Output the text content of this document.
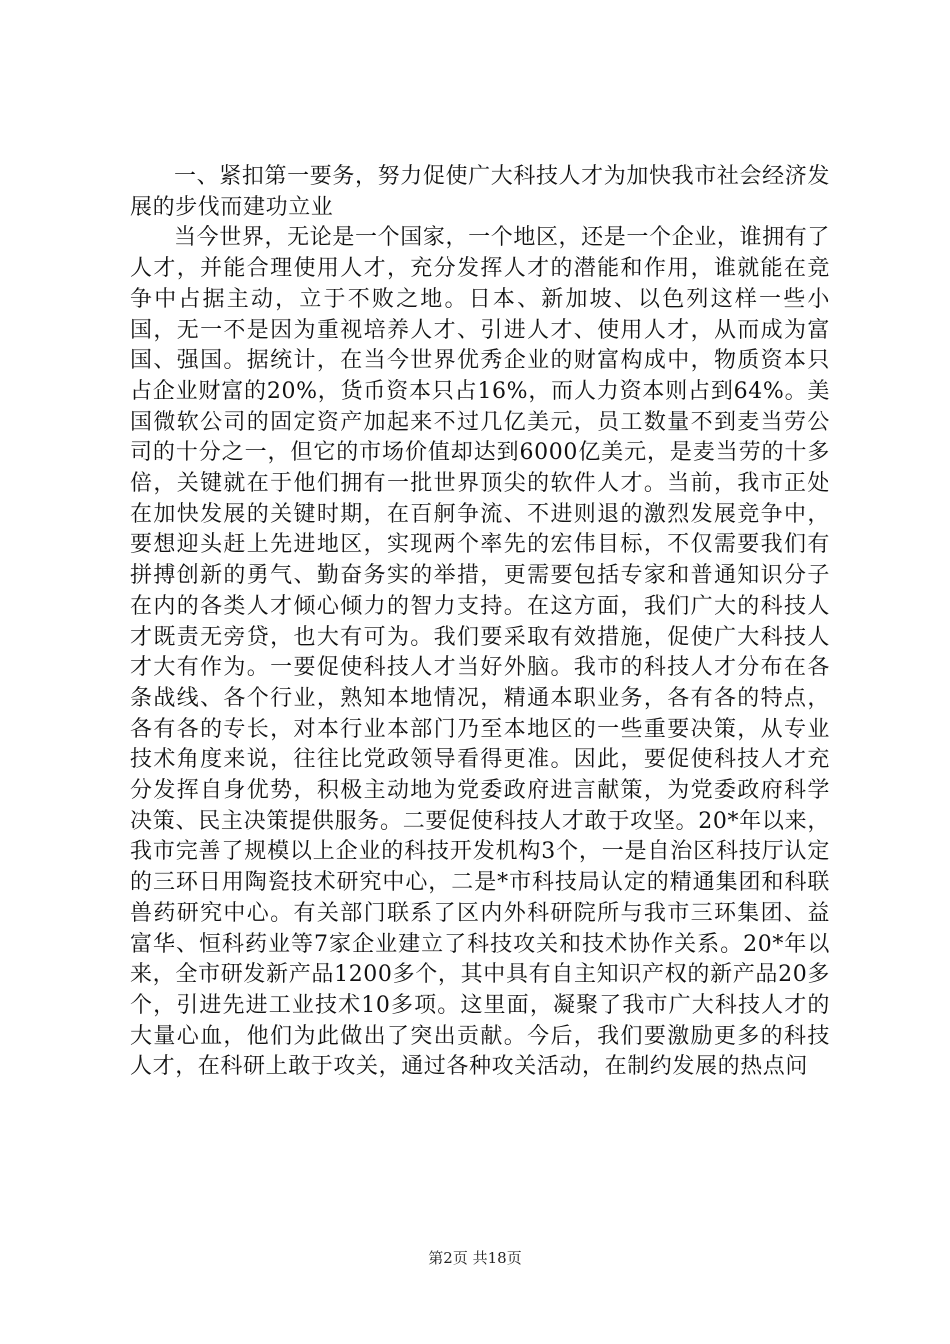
一、紧扣第一要务，努力促使广大科技人才为加快我市社会经济发展的步伐而建功立业

当今世界，无论是一个国家，一个地区，还是一个企业，谁拥有了人才，并能合理使用人才，充分发挥人才的潜能和作用，谁就能在竞争中占据主动，立于不败之地。日本、新加坡、以色列这样一些小国，无一不是因为重视培养人才、引进人才、使用人才，从而成为富国、强国。据统计，在当今世界优秀企业的财富构成中，物质资本只占企业财富的20%，货币资本只占16%，而人力资本则占到64%。美国微软公司的固定资产加起来不过几亿美元，员工数量不到麦当劳公司的十分之一，但它的市场价值却达到6000亿美元，是麦当劳的十多倍，关键就在于他们拥有一批世界顶尖的软件人才。当前，我市正处在加快发展的关键时期，在百舸争流、不进则退的激烈发展竞争中，要想迎头赶上先进地区，实现两个率先的宏伟目标，不仅需要我们有拼搏创新的勇气、勤奋务实的举措，更需要包括专家和普通知识分子在内的各类人才倾心倾力的智力支持。在这方面，我们广大的科技人才既责无旁贷，也大有可为。我们要采取有效措施，促使广大科技人才大有作为。一要促使科技人才当好外脑。我市的科技人才分布在各条战线、各个行业，熟知本地情况，精通本职业务，各有各的特点，各有各的专长，对本行业本部门乃至本地区的一些重要决策，从专业技术角度来说，往往比党政领导看得更准。因此，要促使科技人才充分发挥自身优势，积极主动地为党委政府进言献策，为党委政府科学决策、民主决策提供服务。二要促使科技人才敢于攻坚。20*年以来，我市完善了规模以上企业的科技开发机构3个，一是自治区科技厅认定的三环日用陶瓷技术研究中心，二是*市科技局认定的精通集团和科联兽药研究中心。有关部门联系了区内外科研院所与我市三环集团、益富华、恒科药业等7家企业建立了科技攻关和技术协作关系。20*年以来，全市研发新产品1200多个，其中具有自主知识产权的新产品20多个，引进先进工业技术10多项。这里面，凝聚了我市广大科技人才的大量心血，他们为此做出了突出贡献。今后，我们要激励更多的科技人才，在科研上敢于攻关，通过各种攻关活动，在制约发展的热点问

第2页 共18页
